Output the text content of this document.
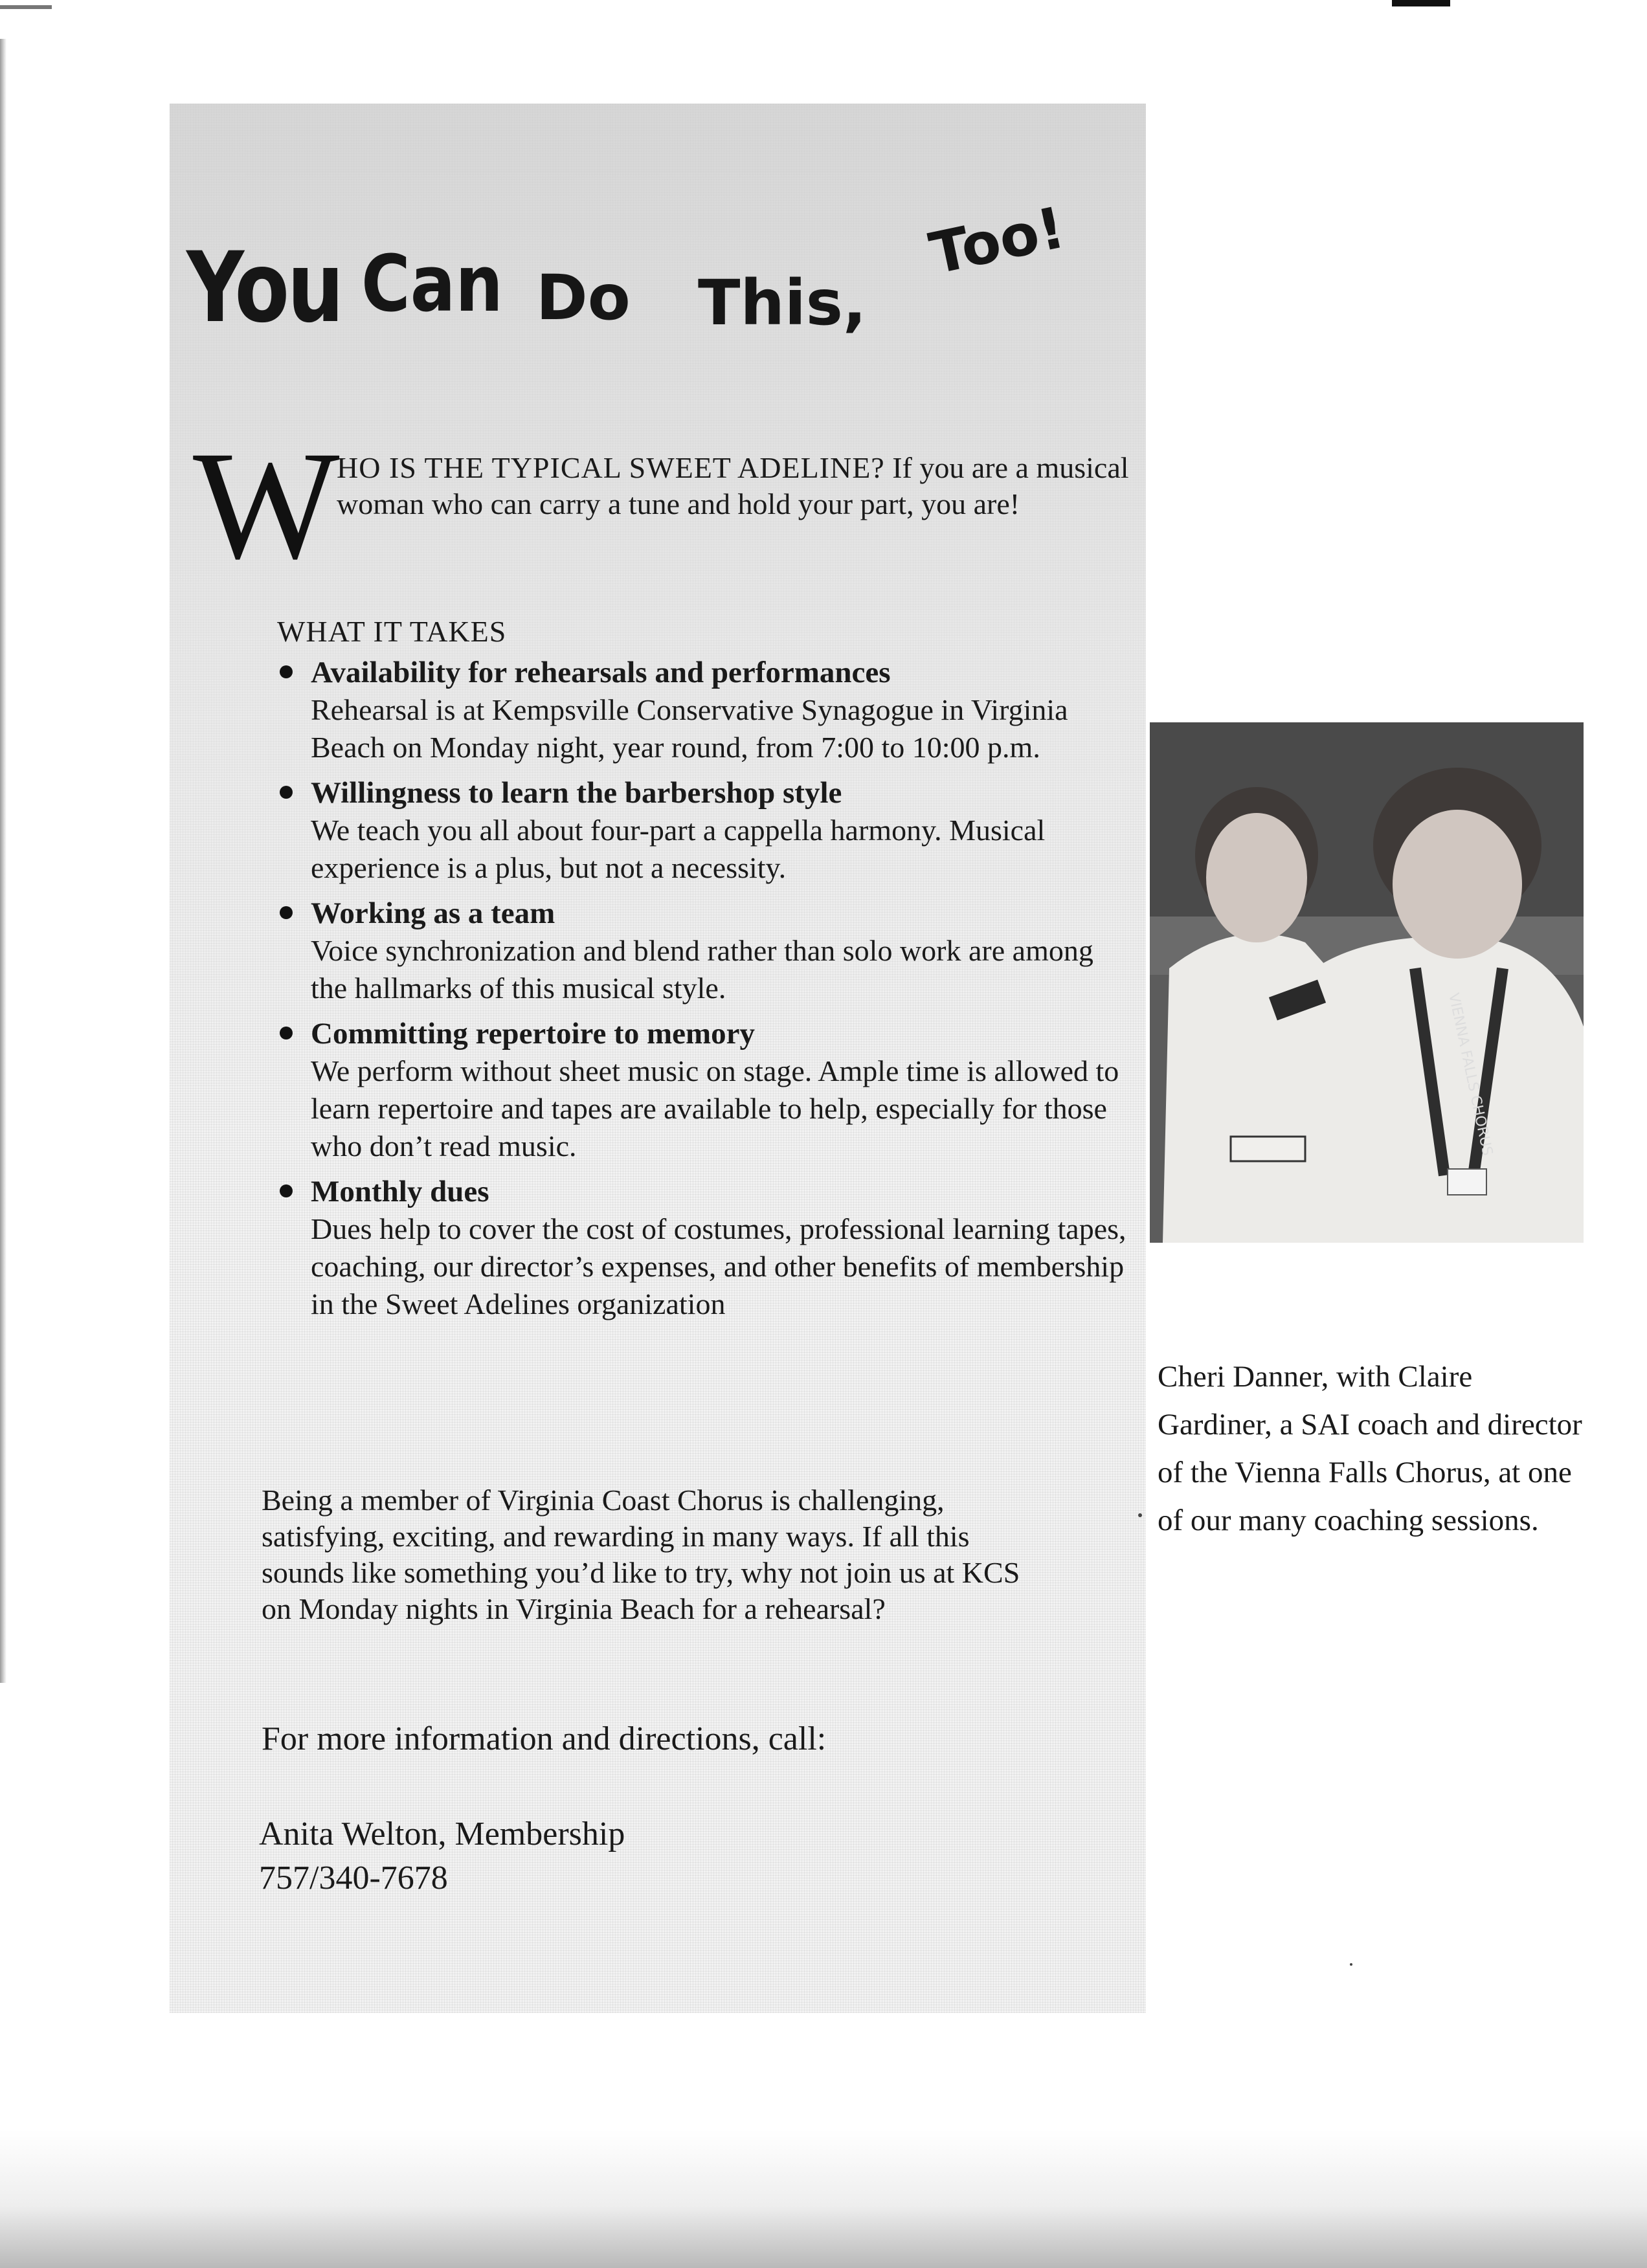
You Can Do This,
Too!
W
HO IS THE TYPICAL SWEET ADELINE? If you are a musical woman who can carry a tune and hold your part, you are!
WHAT IT TAKES
Availability for rehearsals and performances
Rehearsal is at Kempsville Conservative Synagogue in Virginia Beach on Monday night, year round, from 7:00 to 10:00 p.m.
Willingness to learn the barbershop style
We teach you all about four-part a cappella harmony. Musical experience is a plus, but not a necessity.
Working as a team
Voice synchronization and blend rather than solo work are among the hallmarks of this musical style.
Committing repertoire to memory
We perform without sheet music on stage. Ample time is allowed to learn repertoire and tapes are available to help, especially for those who don’t read music.
Monthly dues
Dues help to cover the cost of costumes, professional learning tapes, coaching, our director’s expenses, and other benefits of membership in the Sweet Adelines organization
Being a member of Virginia Coast Chorus is challenging, satisfying, exciting, and rewarding in many ways. If all this sounds like something you’d like to try, why not join us at KCS on Monday nights in Virginia Beach for a rehearsal?
For more information and directions, call:
Anita Welton, Membership
757/340-7678
VIENNA FALLS CHORUS
Cheri Danner, with Claire Gardiner, a SAI coach and director of the Vienna Falls Chorus, at one of our many coaching sessions.
